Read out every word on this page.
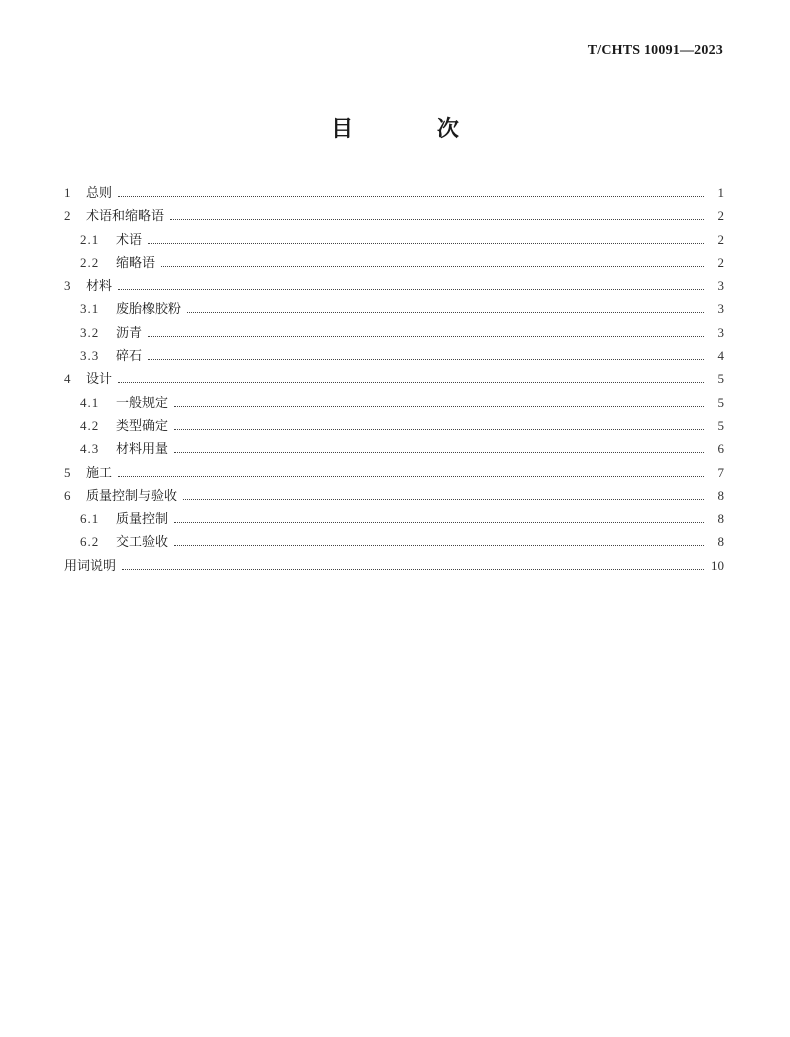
T/CHTS 10091—2023
目 次
1	总则	1
2	术语和缩略语	2
2.1	术语	2
2.2	缩略语	2
3	材料	3
3.1	废胎橡胶粉	3
3.2	沥青	3
3.3	碎石	4
4	设计	5
4.1	一般规定	5
4.2	类型确定	5
4.3	材料用量	6
5	施工	7
6	质量控制与验收	8
6.1	质量控制	8
6.2	交工验收	8
用词说明	10
